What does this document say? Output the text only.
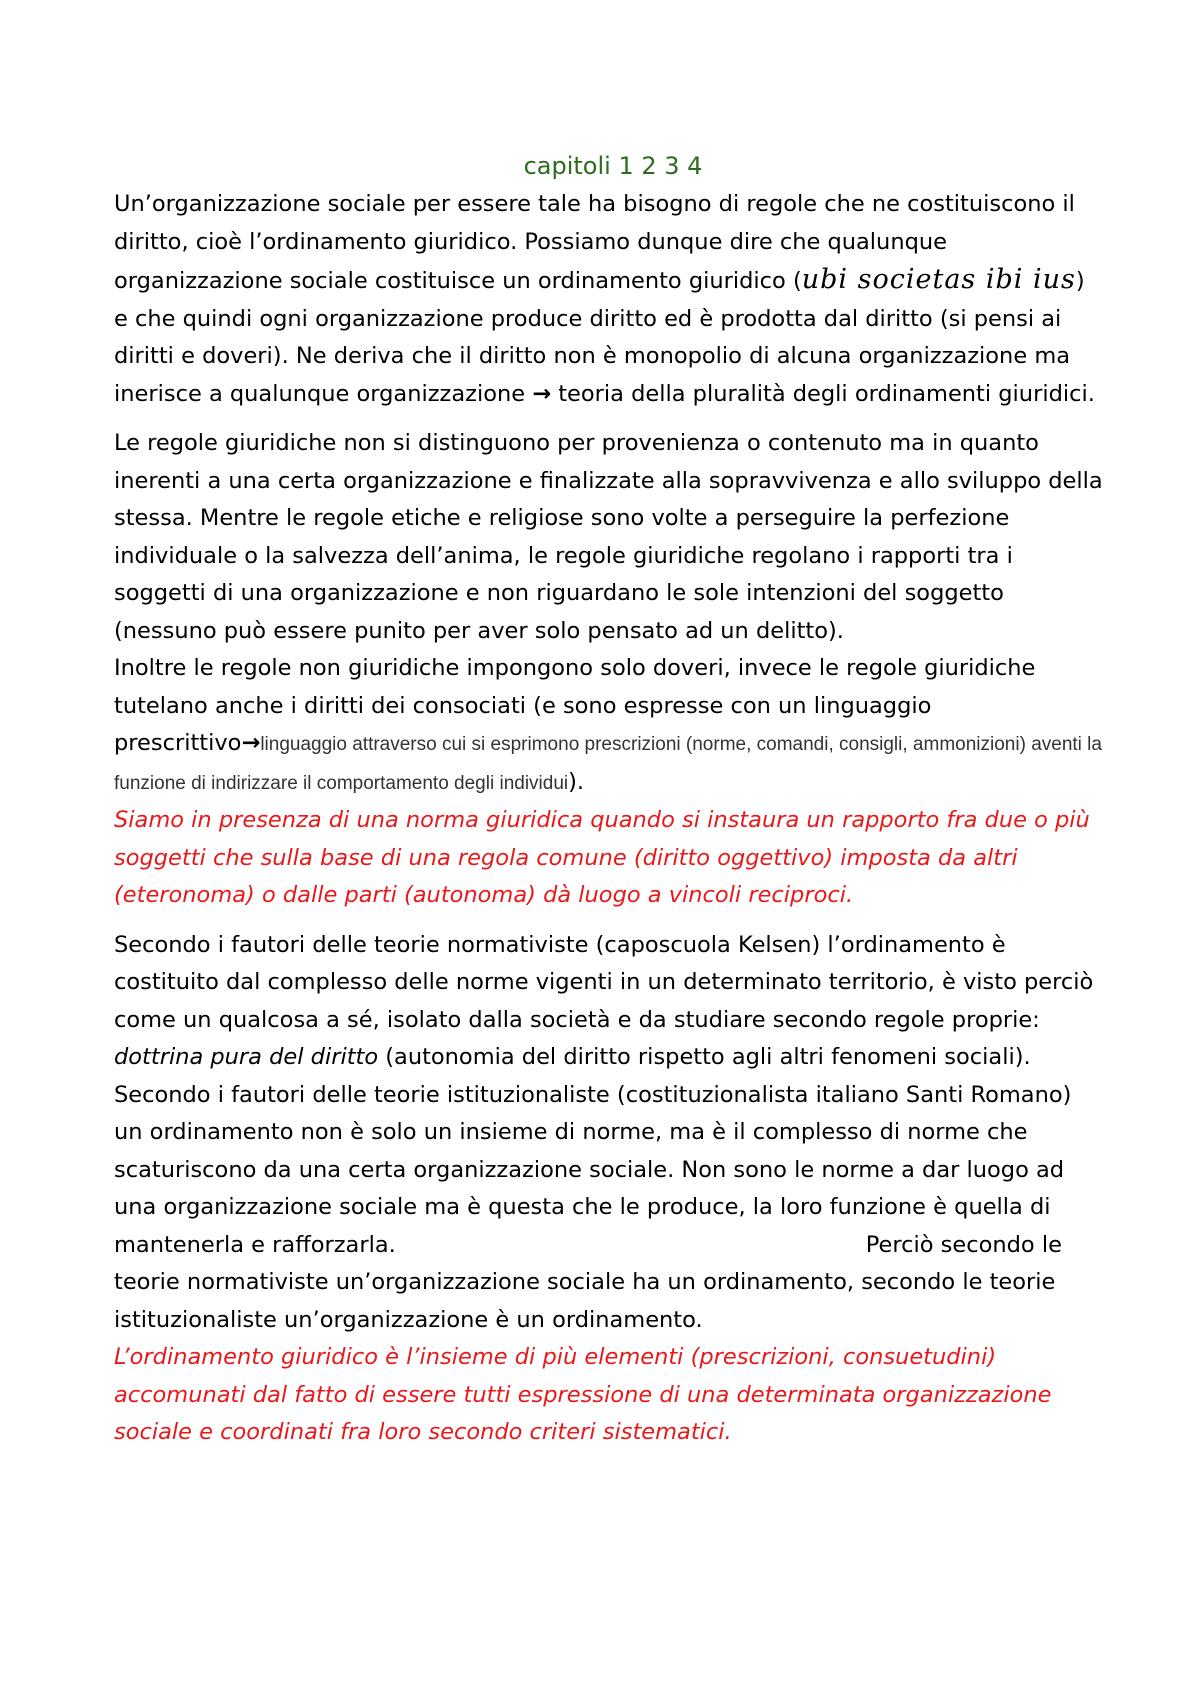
capitoli 1 2 3 4

Un’organizzazione sociale per essere tale ha bisogno di regole che ne costituiscono il diritto, cioè l’ordinamento giuridico. Possiamo dunque dire che qualunque organizzazione sociale costituisce un ordinamento giuridico (ubi societas ibi ius) e che quindi ogni organizzazione produce diritto ed è prodotta dal diritto (si pensi ai diritti e doveri). Ne deriva che il diritto non è monopolio di alcuna organizzazione ma inerisce a qualunque organizzazione → teoria della pluralità degli ordinamenti giuridici.

Le regole giuridiche non si distinguono per provenienza o contenuto ma in quanto inerenti a una certa organizzazione e finalizzate alla sopravvivenza e allo sviluppo della stessa. Mentre le regole etiche e religiose sono volte a perseguire la perfezione individuale o la salvezza dell’anima, le regole giuridiche regolano i rapporti tra i soggetti di una organizzazione e non riguardano le sole intenzioni del soggetto (nessuno può essere punito per aver solo pensato ad un delitto).

Inoltre le regole non giuridiche impongono solo doveri, invece le regole giuridiche tutelano anche i diritti dei consociati (e sono espresse con un linguaggio prescrittivo→linguaggio attraverso cui si esprimono prescrizioni (norme, comandi, consigli, ammonizioni) aventi la funzione di indirizzare il comportamento degli individui).

Siamo in presenza di una norma giuridica quando si instaura un rapporto fra due o più soggetti che sulla base di una regola comune (diritto oggettivo) imposta da altri (eteronoma) o dalle parti (autonoma) dà luogo a vincoli reciproci.

Secondo i fautori delle teorie normativiste (caposcuola Kelsen) l’ordinamento è costituito dal complesso delle norme vigenti in un determinato territorio, è visto perciò come un qualcosa a sé, isolato dalla società e da studiare secondo regole proprie: dottrina pura del diritto (autonomia del diritto rispetto agli altri fenomeni sociali).

Secondo i fautori delle teorie istituzionaliste (costituzionalista italiano Santi Romano) un ordinamento non è solo un insieme di norme, ma è il complesso di norme che scaturiscono da una certa organizzazione sociale. Non sono le norme a dar luogo ad una organizzazione sociale ma è questa che le produce, la loro funzione è quella di mantenerla e rafforzarla.	Perciò secondo le teorie normativiste un’organizzazione sociale ha un ordinamento, secondo le teorie istituzionaliste un’organizzazione è un ordinamento.

L’ordinamento giuridico è l’insieme di più elementi (prescrizioni, consuetudini) accomunati dal fatto di essere tutti espressione di una determinata organizzazione sociale e coordinati fra loro secondo criteri sistematici.
